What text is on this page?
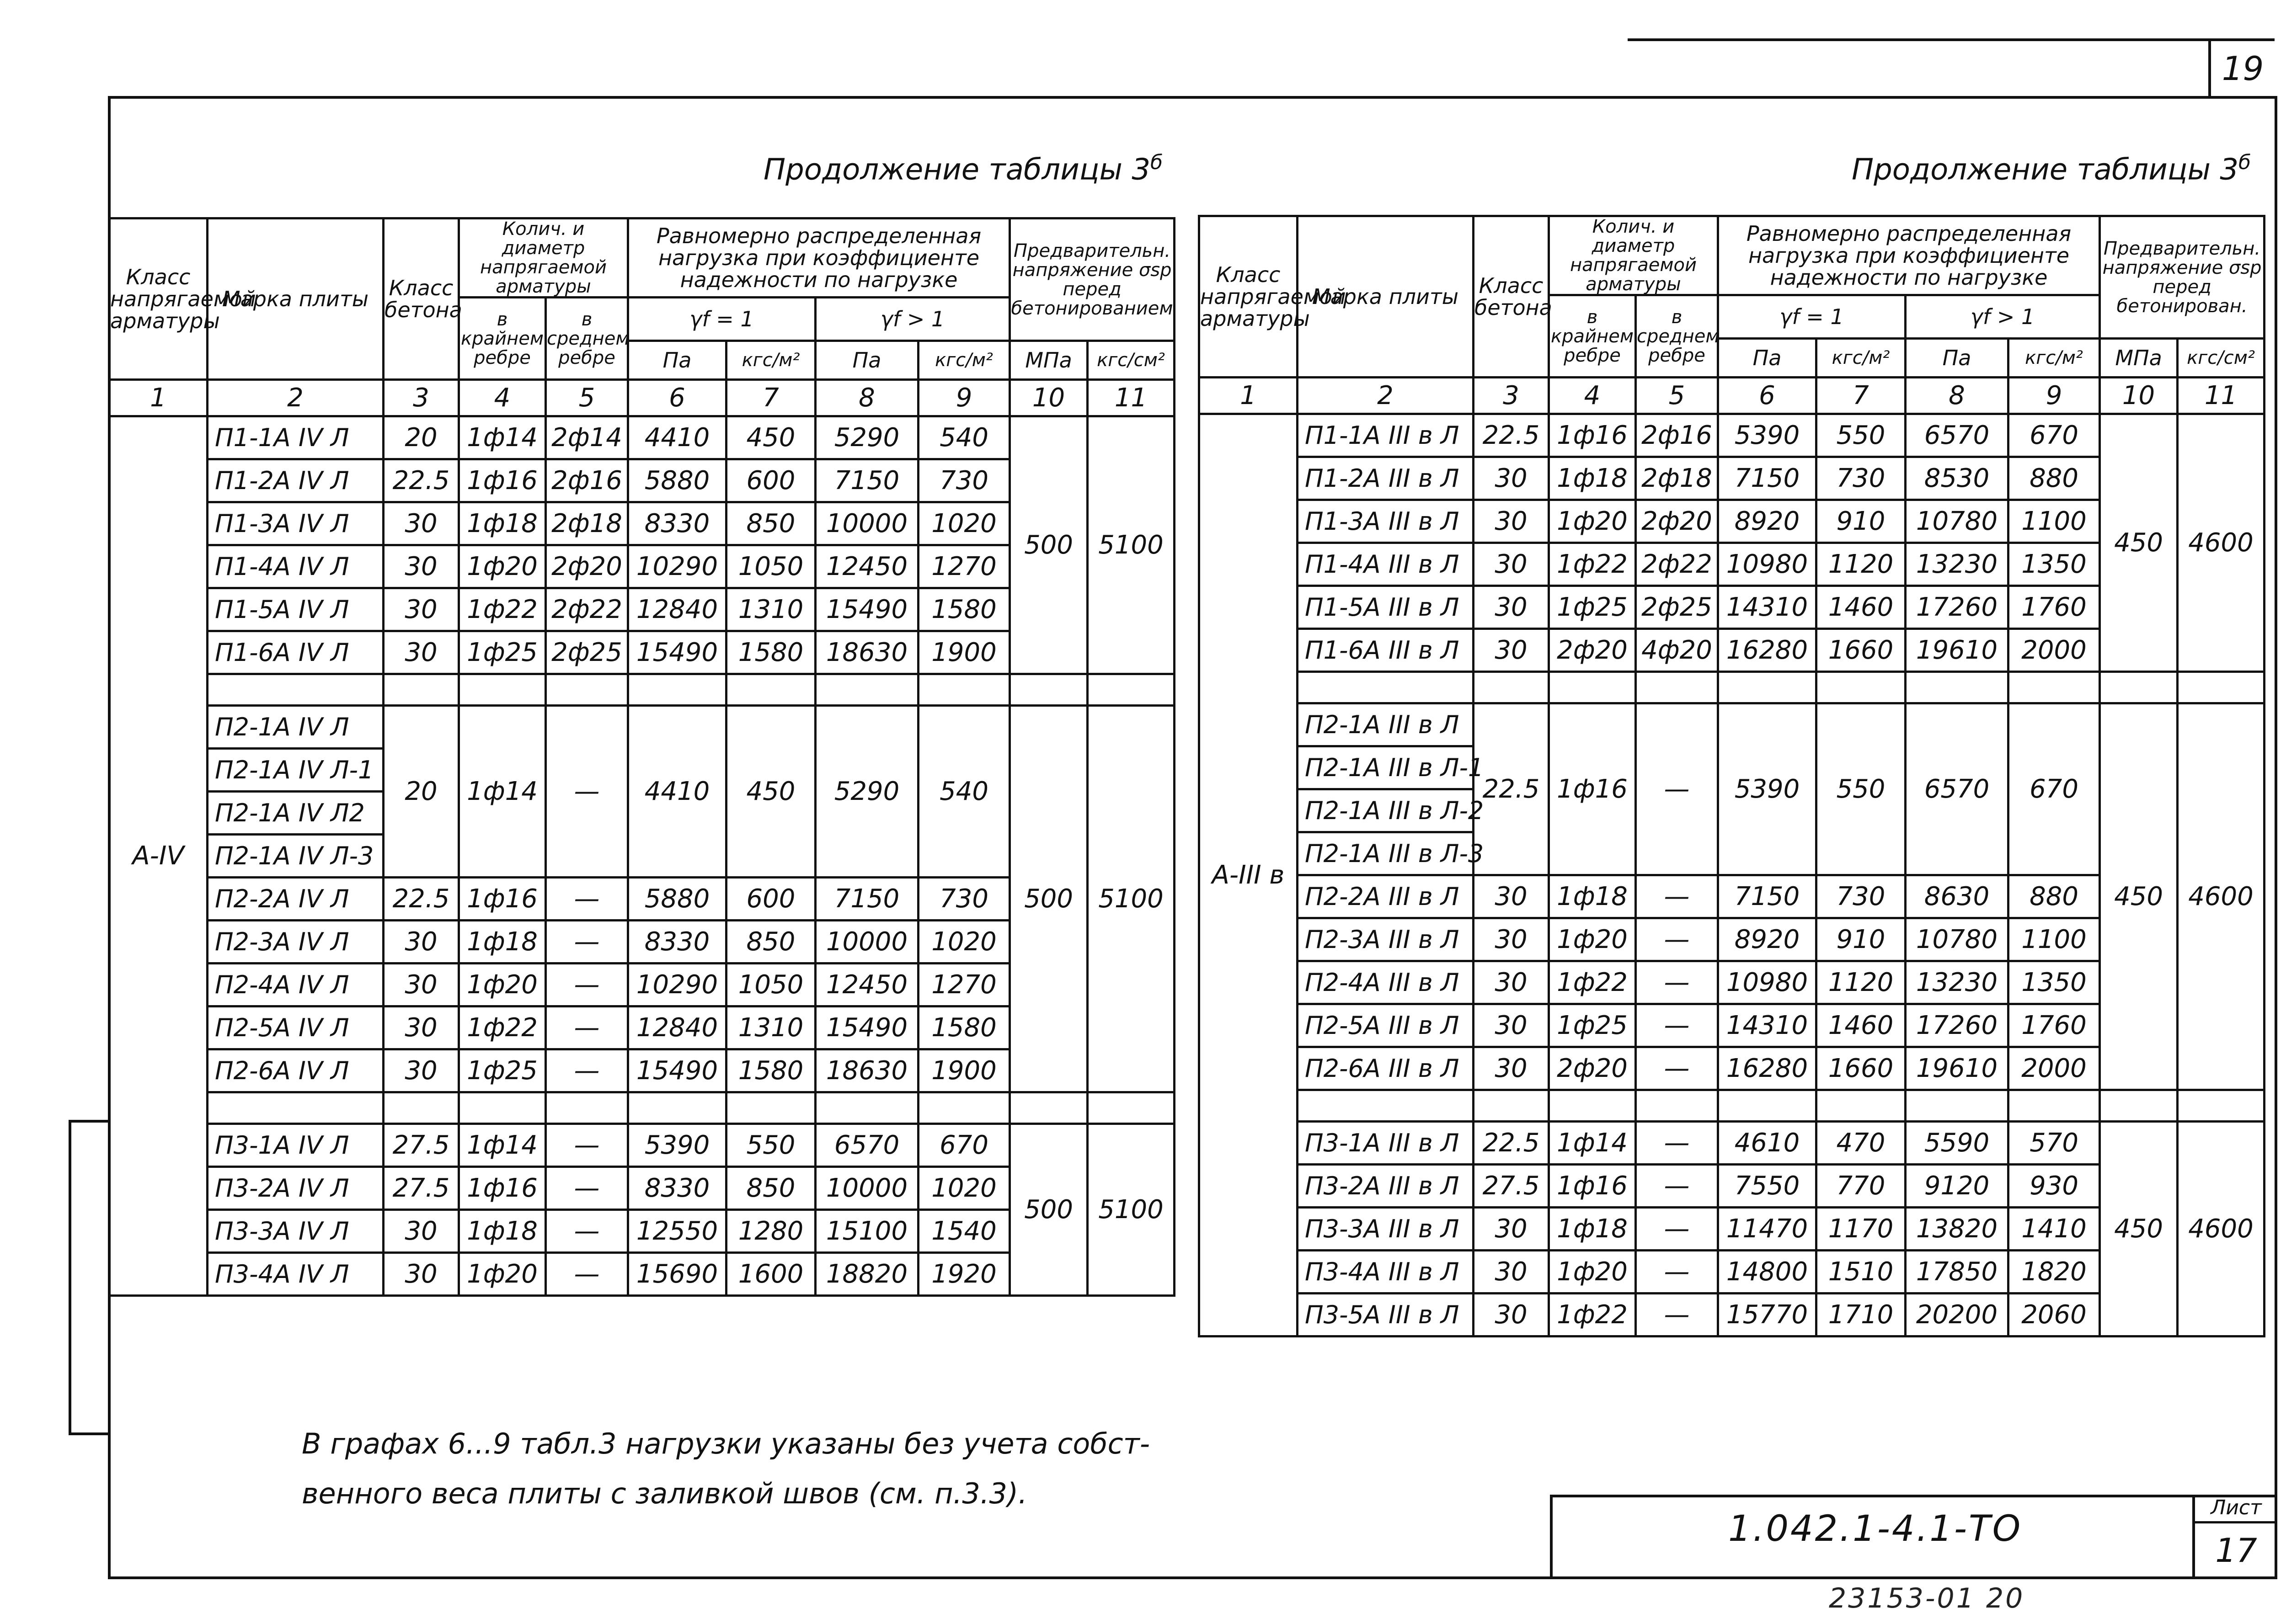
19
Продолжение таблицы $3^б$	Продолжение таблицы $3^б$
Класс напрягаемой арматуры	Марка плиты	Класс бетона	Колич. и диаметр напрягаемой арматуры		Равномерно распределенная нагрузка при коэффициенте надежности по нагрузке				Предварительн. напряжение σsp перед бетонированием	
			в крайнем ребре	в среднем ребре	γf = 1		γf > 1			
					Па	кгс/м²	Па	кгс/м²	МПа	кгс/см²
1	2	3	4	5	6	7	8	9	10	11
А-IV	П1-1А IV Л	20	1ф14	2ф14	4410	450	5290	540	500	5100
	П1-2А IV Л	22.5	1ф16	2ф16	5880	600	7150	730		
	П1-3А IV Л	30	1ф18	2ф18	8330	850	10000	1020		
	П1-4А IV Л	30	1ф20	2ф20	10290	1050	12450	1270		
	П1-5А IV Л	30	1ф22	2ф22	12840	1310	15490	1580		
	П1-6А IV Л	30	1ф25	2ф25	15490	1580	18630	1900		

	П2-1А IV Л	20	1ф14	—	4410	450	5290	540	500	5100
	П2-1А IV Л-1									
	П2-1А IV Л2									
	П2-1А IV Л-3									
	П2-2А IV Л	22.5	1ф16	—	5880	600	7150	730		
	П2-3А IV Л	30	1ф18	—	8330	850	10000	1020		
	П2-4А IV Л	30	1ф20	—	10290	1050	12450	1270		
	П2-5А IV Л	30	1ф22	—	12840	1310	15490	1580		
	П2-6А IV Л	30	1ф25	—	15490	1580	18630	1900		

	П3-1А IV Л	27.5	1ф14	—	5390	550	6570	670	500	5100
	П3-2А IV Л	27.5	1ф16	—	8330	850	10000	1020		
	П3-3А IV Л	30	1ф18	—	12550	1280	15100	1540		
	П3-4А IV Л	30	1ф20	—	15690	1600	18820	1920		
Класс напрягаемой арматуры	Марка плиты	Класс бетона	Колич. и диаметр напрягаемой арматуры		Равномерно распределенная нагрузка при коэффициенте надежности по нагрузке				Предварительн. напряжение σsp перед бетонирован.	
			в крайнем ребре	в среднем ребре	γf = 1		γf > 1			
					Па	кгс/м²	Па	кгс/м²	МПа	кгс/см²
1	2	3	4	5	6	7	8	9	10	11
А-III в	П1-1А III в Л	22.5	1ф16	2ф16	5390	550	6570	670	450	4600
	П1-2А III в Л	30	1ф18	2ф18	7150	730	8530	880		
	П1-3А III в Л	30	1ф20	2ф20	8920	910	10780	1100		
	П1-4А III в Л	30	1ф22	2ф22	10980	1120	13230	1350		
	П1-5А III в Л	30	1ф25	2ф25	14310	1460	17260	1760		
	П1-6А III в Л	30	2ф20	4ф20	16280	1660	19610	2000		

	П2-1А III в Л	22.5	1ф16	—	5390	550	6570	670	450	4600
	П2-1А III в Л-1									
	П2-1А III в Л-2									
	П2-1А III в Л-3									
	П2-2А III в Л	30	1ф18	—	7150	730	8630	880		
	П2-3А III в Л	30	1ф20	—	8920	910	10780	1100		
	П2-4А III в Л	30	1ф22	—	10980	1120	13230	1350		
	П2-5А III в Л	30	1ф25	—	14310	1460	17260	1760		
	П2-6А III в Л	30	2ф20	—	16280	1660	19610	2000		

	П3-1А III в Л	22.5	1ф14	—	4610	470	5590	570	450	4600
	П3-2А III в Л	27.5	1ф16	—	7550	770	9120	930		
	П3-3А III в Л	30	1ф18	—	11470	1170	13820	1410		
	П3-4А III в Л	30	1ф20	—	14800	1510	17850	1820		
	П3-5А III в Л	30	1ф22	—	15770	1710	20200	2060		
В графах 6...9 табл.3 нагрузки указаны без учета собст-
венного веса плиты с заливкой швов (см. п.3.3).
1.042.1-4.1-ТО
Лист
17
23153-01 20
